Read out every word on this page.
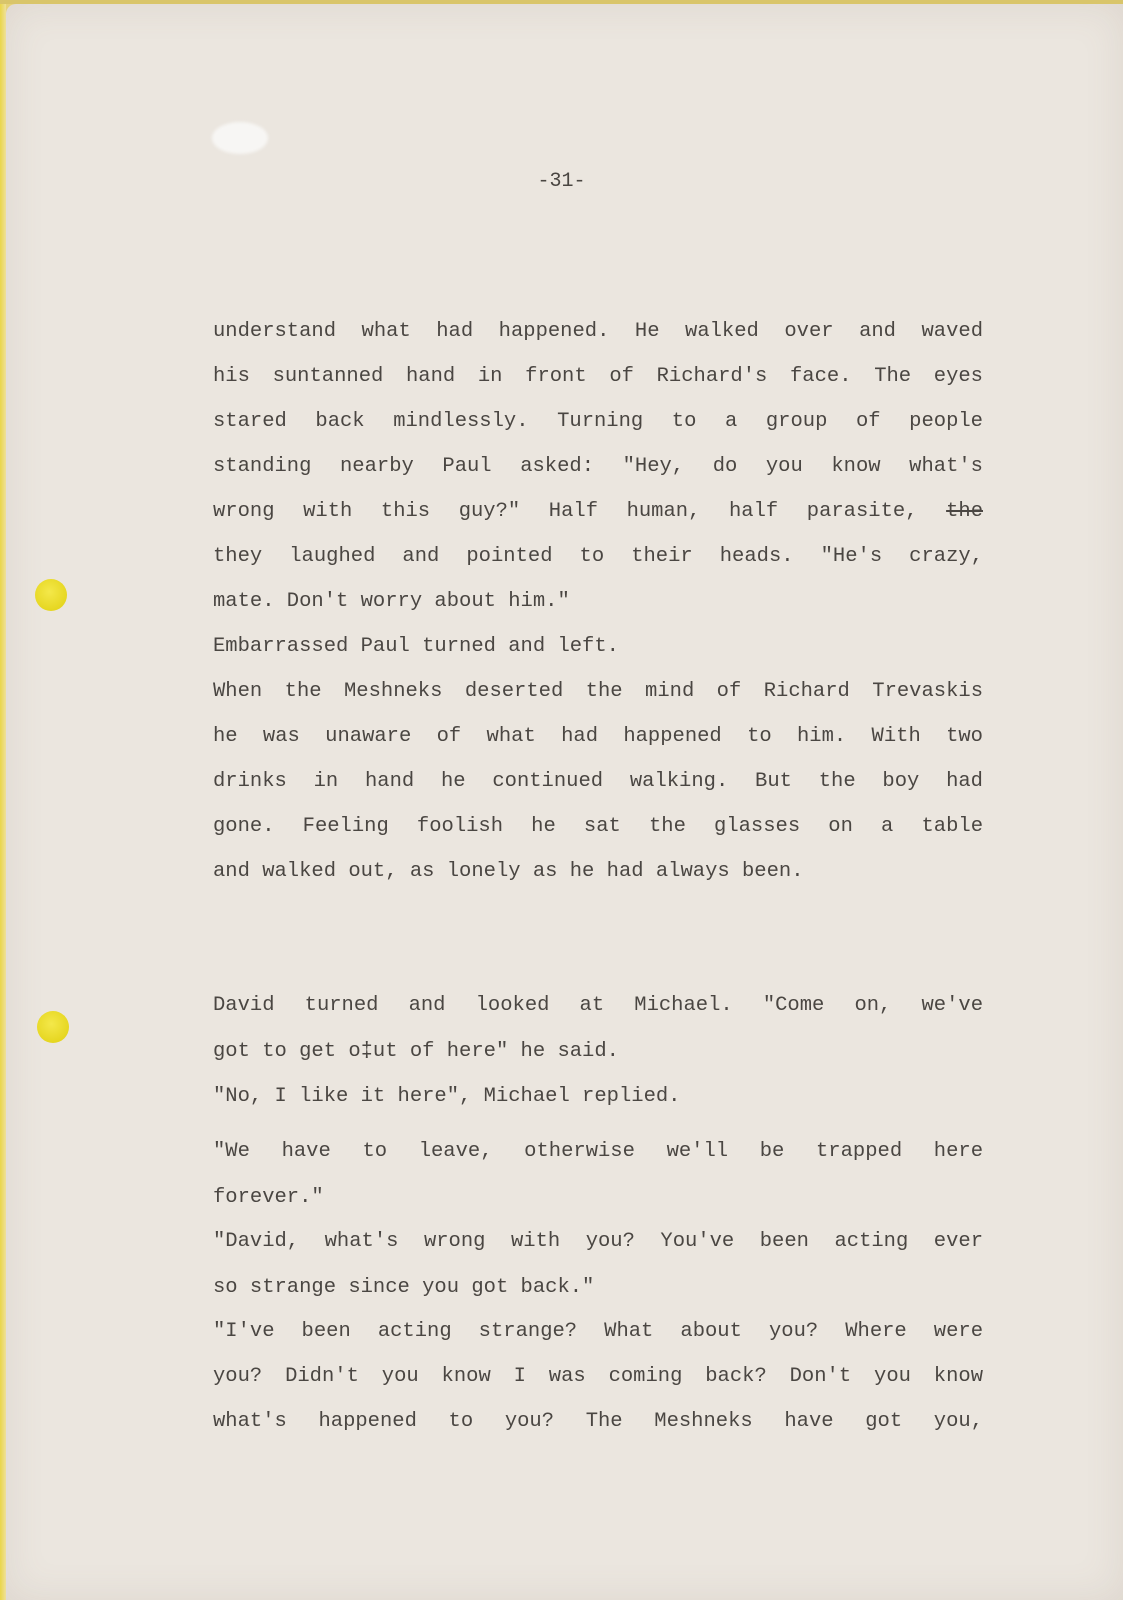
-31-
understand what had happened. He walked over and waved
his suntanned hand in front of Richard's face. The eyes
stared back mindlessly. Turning to a group of people
standing nearby Paul asked: "Hey, do you know what's
wrong with this guy?" Half human, half parasite, the
they laughed and pointed to their heads. "He's crazy,
mate. Don't worry about him."
Embarrassed Paul turned and left.
When the Meshneks deserted the mind of Richard Trevaskis
he was unaware of what had happened to him. With two
drinks in hand he continued walking. But the boy had
gone. Feeling foolish he sat the glasses on a table
and walked out, as lonely as he had always been.
David turned and looked at Michael. "Come on, we've
got to get o‡ut of here" he said.
"No, I like it here", Michael replied.
"We have to leave, otherwise we'll be trapped here
forever."
"David, what's wrong with you? You've been acting ever
so strange since you got back."
"I've been acting strange? What about you? Where were
you? Didn't you know I was coming back? Don't you know
what's happened to you? The Meshneks have got you,
